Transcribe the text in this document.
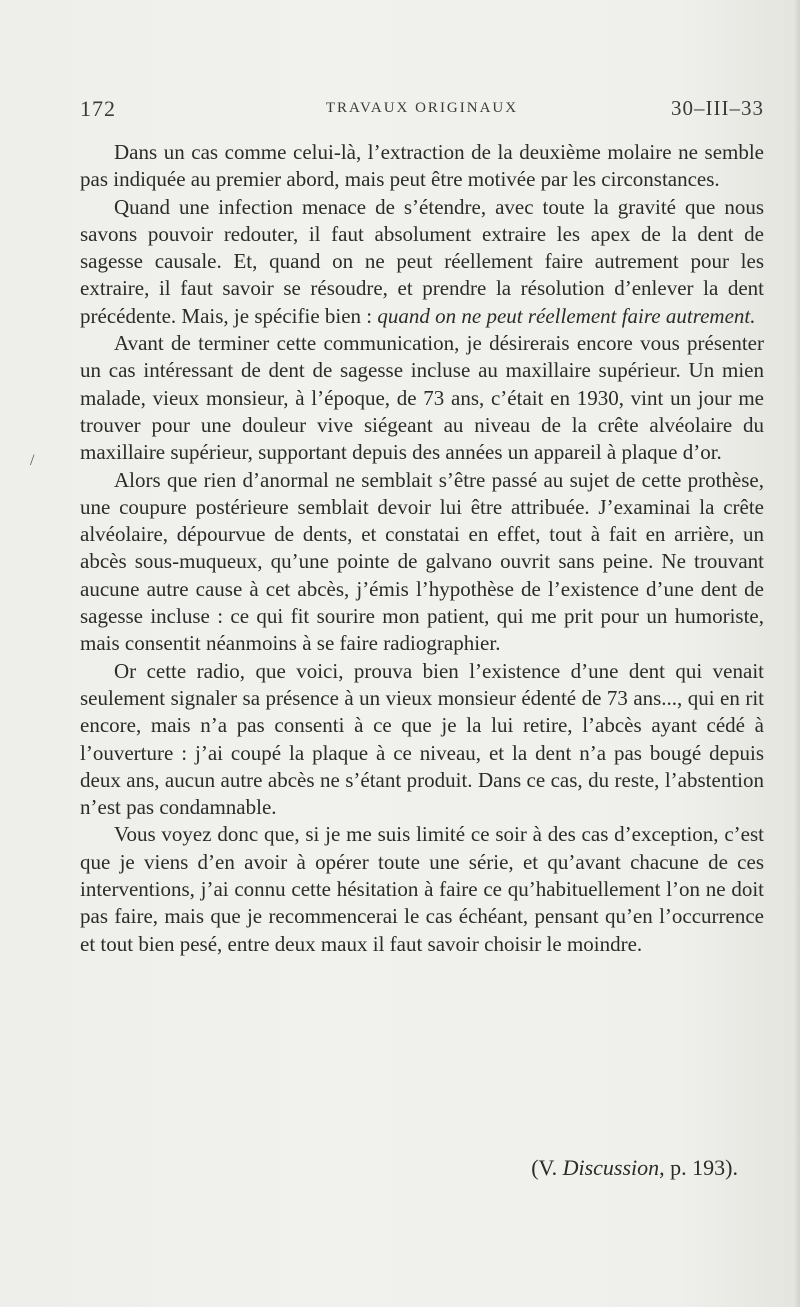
172	TRAVAUX ORIGINAUX	30–III–33
/

Dans un cas comme celui-là, l’extraction de la deuxième molaire ne semble pas indiquée au premier abord, mais peut être motivée par les circonstances.

Quand une infection menace de s’étendre, avec toute la gravité que nous savons pouvoir redouter, il faut absolument extraire les apex de la dent de sagesse causale. Et, quand on ne peut réellement faire autrement pour les extraire, il faut savoir se résoudre, et prendre la résolution d’enlever la dent précédente. Mais, je spécifie bien : quand on ne peut réellement faire autrement.

Avant de terminer cette communication, je désirerais encore vous présenter un cas intéressant de dent de sagesse incluse au maxillaire supérieur. Un mien malade, vieux monsieur, à l’époque, de 73 ans, c’était en 1930, vint un jour me trouver pour une douleur vive siégeant au niveau de la crête alvéolaire du maxillaire supérieur, supportant depuis des années un appareil à plaque d’or.

Alors que rien d’anormal ne semblait s’être passé au sujet de cette prothèse, une coupure postérieure semblait devoir lui être attribuée. J’examinai la crête alvéolaire, dépourvue de dents, et constatai en effet, tout à fait en arrière, un abcès sous-muqueux, qu’une pointe de galvano ouvrit sans peine. Ne trouvant aucune autre cause à cet abcès, j’émis l’hypothèse de l’existence d’une dent de sagesse incluse : ce qui fit sourire mon patient, qui me prit pour un humoriste, mais consentit néanmoins à se faire radiographier.

Or cette radio, que voici, prouva bien l’existence d’une dent qui venait seulement signaler sa présence à un vieux monsieur édenté de 73 ans..., qui en rit encore, mais n’a pas consenti à ce que je la lui retire, l’abcès ayant cédé à l’ouverture : j’ai coupé la plaque à ce niveau, et la dent n’a pas bougé depuis deux ans, aucun autre abcès ne s’étant produit. Dans ce cas, du reste, l’abstention n’est pas condamnable.

Vous voyez donc que, si je me suis limité ce soir à des cas d’exception, c’est que je viens d’en avoir à opérer toute une série, et qu’avant chacune de ces interventions, j’ai connu cette hésitation à faire ce qu’habituellement l’on ne doit pas faire, mais que je recommencerai le cas échéant, pensant qu’en l’occurrence et tout bien pesé, entre deux maux il faut savoir choisir le moindre.

(V. Discussion, p. 193).
